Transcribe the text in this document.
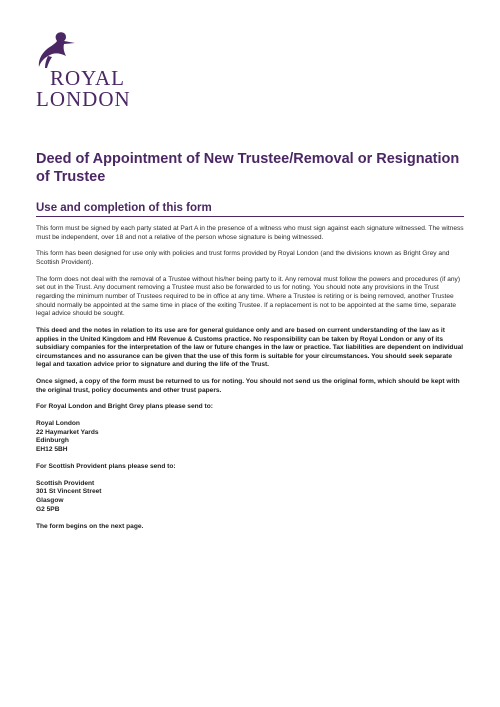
ROYAL
LONDON
Deed of Appointment of New Trustee/Removal or Resignation of Trustee
Use and completion of this form

This form must be signed by each party stated at Part A in the presence of a witness who must sign against each signature witnessed. The witness must be independent, over 18 and not a relative of the person whose signature is being witnessed.

This form has been designed for use only with policies and trust forms provided by Royal London (and the divisions known as Bright Grey and Scottish Provident).

The form does not deal with the removal of a Trustee without his/her being party to it. Any removal must follow the powers and procedures (if any) set out in the Trust. Any document removing a Trustee must also be forwarded to us for noting. You should note any provisions in the Trust regarding the minimum number of Trustees required to be in office at any time. Where a Trustee is retiring or is being removed, another Trustee should normally be appointed at the same time in place of the exiting Trustee. If a replacement is not to be appointed at the same time, separate legal advice should be sought.

This deed and the notes in relation to its use are for general guidance only and are based on current understanding of the law as it applies in the United Kingdom and HM Revenue & Customs practice. No responsibility can be taken by Royal London or any of its subsidiary companies for the interpretation of the law or future changes in the law or practice. Tax liabilities are dependent on individual circumstances and no assurance can be given that the use of this form is suitable for your circumstances. You should seek separate legal and taxation advice prior to signature and during the life of the Trust.

Once signed, a copy of the form must be returned to us for noting. You should not send us the original form, which should be kept with the original trust, policy documents and other trust papers.

For Royal London and Bright Grey plans please send to:

Royal London
22 Haymarket Yards
Edinburgh
EH12 5BH

For Scottish Provident plans please send to:

Scottish Provident
301 St Vincent Street
Glasgow
G2 5PB

The form begins on the next page.
